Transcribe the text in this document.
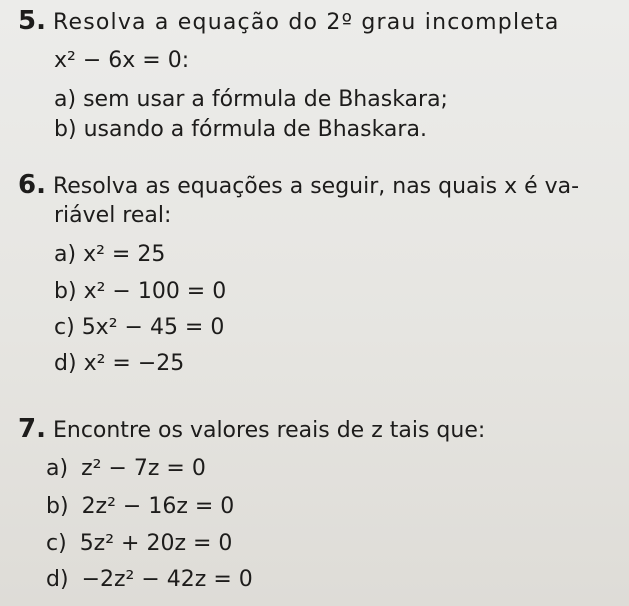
5. Resolva a equação do 2º grau incompleta
x² − 6x = 0:
a) sem usar a fórmula de Bhaskara;
b) usando a fórmula de Bhaskara.
6. Resolva as equações a seguir, nas quais x é va-
riável real:
a) x² = 25
b) x² − 100 = 0
c) 5x² − 45 = 0
d) x² = −25
7. Encontre os valores reais de z tais que:
a) z² − 7z = 0
b) 2z² − 16z = 0
c) 5z² + 20z = 0
d) −2z² − 42z = 0
